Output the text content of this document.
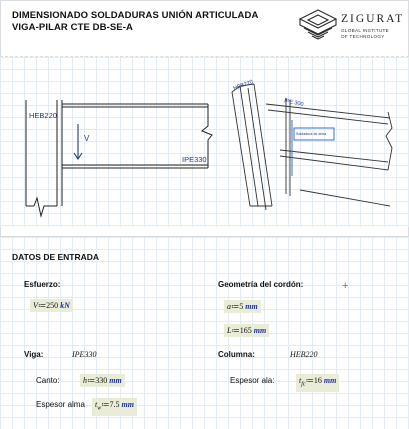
DIMENSIONADO SOLDADURAS UNIÓN ARTICULADA
VIGA-PILAR CTE DB-SE-A
ZIGURAT
GLOBAL INSTITUTE
OF TECHNOLOGY
HEB220
IPE330
V
HEB220
IPE 300
Soldadura de alma
DATOS DE ENTRADA
Esfuerzo:
V≔250 kN
Geometría del cordón:	+
a≔5 mm
L≔165 mm
Viga:	IPE330	Columna:	HEB220
Canto:	h≔330 mm	Espesor ala:	$t_{fc}≔16$ mm
Espesor alma	$t_w≔7.5$ mm
